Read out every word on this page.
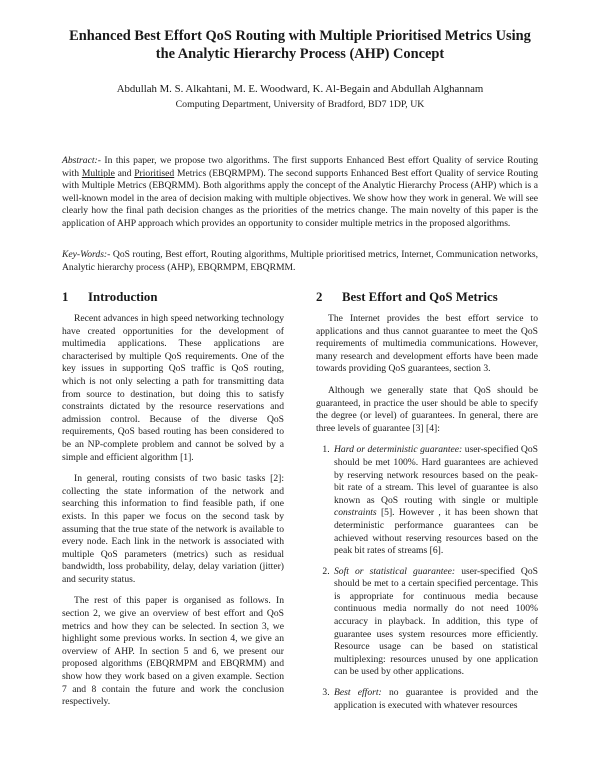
Enhanced Best Effort QoS Routing with Multiple Prioritised Metrics Using
the Analytic Hierarchy Process (AHP) Concept
Abdullah M. S. Alkahtani, M. E. Woodward, K. Al-Begain and Abdullah Alghannam
Computing Department, University of Bradford, BD7 1DP, UK
Abstract:- In this paper, we propose two algorithms. The first supports Enhanced Best effort Quality of service Routing with Multiple and Prioritised Metrics (EBQRMPM). The second supports Enhanced Best effort Quality of service Routing with Multiple Metrics (EBQRMM). Both algorithms apply the concept of the Analytic Hierarchy Process (AHP) which is a well-known model in the area of decision making with multiple objectives. We show how they work in general. We will see clearly how the final path decision changes as the priorities of the metrics change. The main novelty of this paper is the application of AHP approach which provides an opportunity to consider multiple metrics in the proposed algorithms.
Key-Words:- QoS routing, Best effort, Routing algorithms, Multiple prioritised metrics, Internet, Communication networks, Analytic hierarchy process (AHP), EBQRMPM, EBQRMM.
1 Introduction

Recent advances in high speed networking technology have created opportunities for the development of multimedia applications. These applications are characterised by multiple QoS requirements. One of the key issues in supporting QoS traffic is QoS routing, which is not only selecting a path for transmitting data from source to destination, but doing this to satisfy constraints dictated by the resource reservations and admission control. Because of the diverse QoS requirements, QoS based routing has been considered to be an NP-complete problem and cannot be solved by a simple and efficient algorithm [1].

In general, routing consists of two basic tasks [2]: collecting the state information of the network and searching this information to find feasible path, if one exists. In this paper we focus on the second task by assuming that the true state of the network is available to every node. Each link in the network is associated with multiple QoS parameters (metrics) such as residual bandwidth, loss probability, delay, delay variation (jitter) and security status.

The rest of this paper is organised as follows. In section 2, we give an overview of best effort and QoS metrics and how they can be selected. In section 3, we highlight some previous works. In section 4, we give an overview of AHP. In section 5 and 6, we present our proposed algorithms (EBQRMPM and EBQRMM) and show how they work based on a given example. Section 7 and 8 contain the future and work the conclusion respectively.

2 Best Effort and QoS Metrics

The Internet provides the best effort service to applications and thus cannot guarantee to meet the QoS requirements of multimedia communications. However, many research and development efforts have been made towards providing QoS guarantees, section 3.

Although we generally state that QoS should be guaranteed, in practice the user should be able to specify the degree (or level) of guarantees. In general, there are three levels of guarantee [3] [4]:

1. Hard or deterministic guarantee: user-specified QoS should be met 100%. Hard guarantees are achieved by reserving network resources based on the peak-bit rate of a stream. This level of guarantee is also known as QoS routing with single or multiple constraints [5]. However , it has been shown that deterministic performance guarantees can be achieved without reserving resources based on the peak bit rates of streams [6].
2. Soft or statistical guarantee: user-specified QoS should be met to a certain specified percentage. This is appropriate for continuous media because continuous media normally do not need 100% accuracy in playback. In addition, this type of guarantee uses system resources more efficiently. Resource usage can be based on statistical multiplexing: resources unused by one application can be used by other applications.
3. Best effort: no guarantee is provided and the application is executed with whatever resources
